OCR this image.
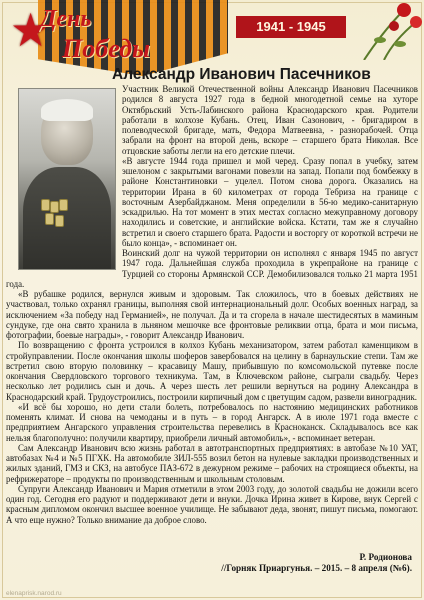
★
День
Победы
1941 - 1945
Александр Иванович Пасечников

Участник Великой Отечественной войны Александр Иванович Пасечников родился 8 августа 1927 года в бедной многодетной семье на хуторе Октябрьский Усть-Лабинского района Краснодарского края. Родители работали в колхозе Кубань. Отец, Иван Сазонович, - бригадиром в полеводческой бригаде, мать, Федора Матвеевна, - разнорабочей. Отца забрали на фронт на второй день, вскоре – старшего брата Николая. Все отцовские заботы легли на его детские плечи.

«В августе 1944 года пришел и мой черед. Сразу попал в учебку, затем эшелоном с закрытыми вагонами повезли на запад. Попали под бомбежку в районе Константиновки – уцелел. Потом снова дорога. Оказались на территории Ирана в 60 километрах от города Тебриза на границе с восточным Азербайджаном. Меня определили в 56-ю медико-санитарную эскадрилью. На тот момент в этих местах согласно межуправному договору находились и советские, и английские войска. Кстати, там же я случайно встретил и своего старшего брата. Радости и восторгу от короткой встречи не было конца», - вспоминает он.

Воинский долг на чужой территории он исполнял с января 1945 по август 1947 года. Дальнейшая служба проходила в укрепрайоне на границе с Турцией со стороны Армянской ССР. Демобилизовался только 21 марта 1951 года.

«В рубашке родился, вернулся живым и здоровым. Так сложилось, что в боевых действиях не участвовал, только охранял границы, выполняя свой интернациональный долг. Особых военных наград, за исключением «За победу над Германией», не получал. Да и та сгорела в начале шестидесятых в маминым сундуке, где она свято хранила в льняном мешочке все фронтовые реликвии отца, брата и мои письма, фотографии, боевые награды», - говорит Александр Иванович.

По возвращению с фронта устроился в колхоз Кубань механизатором, затем работал каменщиком в стройуправлении. После окончания школы шоферов завербовался на целину в барнаульские степи. Там же встретил свою вторую половинку – красавицу Машу, прибывшую по комсомольской путевке после окончания Свердловского торгового техникума. Там, в Ключевском районе, сыграли свадьбу. Через несколько лет родились сын и дочь. А через шесть лет решили вернуться на родину Александра в Краснодарский край. Трудоустроились, построили кирпичный дом с цветущим садом, развели виноградник.

«И всё бы хорошо, но дети стали болеть, потребовалось по настоянию медицинских работников поменять климат. И снова на чемоданы и в путь – в город Ангарск. А в июле 1971 года вместе с предприятием Ангарского управления строительства перевелись в Красноканск. Складывалось все как нельзя благополучно: получили квартиру, приобрели личный автомобиль», - вспоминает ветеран.

Сам Александр Иванович всю жизнь работал в автотранспортных предприятиях: в автобазе №10 УАТ, автобазах №4 и №5 ПГХК. На автомобиле ЗИЛ-555 возил бетон на нулевые закладки производственных и жилых зданий, ГМЗ и СКЗ, на автобусе ПАЗ-672 в дежурном режиме – рабочих на строящиеся объекты, на рефрижераторе – продукты по производственным и школьным столовым.

Супруги Александр Иванович и Мария отметили в этом 2003 году, до золотой свадьбы не дожили всего один год. Сегодня его радуют и поддерживают дети и внуки. Дочка Ирина живет в Кирове, внук Сергей с красным дипломом окончил высшее военное училище. Не забывают деда, звонят, пишут письма, помогают. А что еще нужно? Только внимание да доброе слово.

Р. Родионова
//Горняк Приаргунья. – 2015. – 8 апреля (№6).
elenaprisk.narod.ru
